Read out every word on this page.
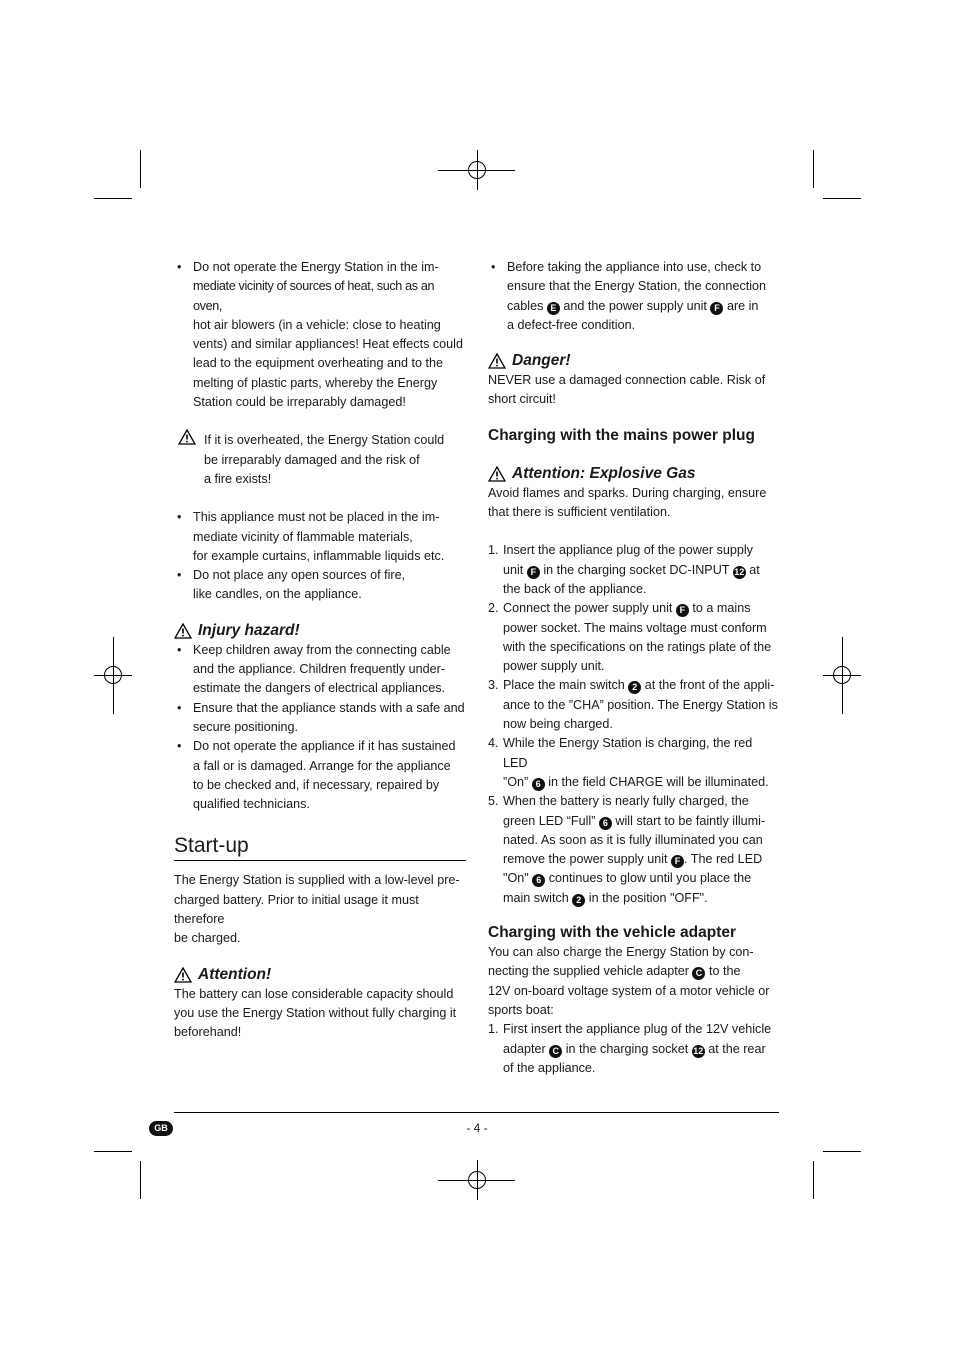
• Do not operate the Energy Station in the im-
mediate vicinity of sources of heat, such as an oven,
hot air blowers (in a vehicle: close to heating
vents) and similar appliances! Heat effects could
lead to the equipment overheating and to the
melting of plastic parts, whereby the Energy
Station could be irreparably damaged!
If it is overheated, the Energy Station could
be irreparably damaged and the risk of
a fire exists!
• This appliance must not be placed in the im-
mediate vicinity of flammable materials,
for example curtains, inflammable liquids etc.
• Do not place any open sources of fire,
like candles, on the appliance.
Injury hazard!
• Keep children away from the connecting cable
and the appliance. Children frequently under-
estimate the dangers of electrical appliances.
• Ensure that the appliance stands with a safe and
secure positioning.
• Do not operate the appliance if it has sustained
a fall or is damaged. Arrange for the appliance
to be checked and, if necessary, repaired by
qualified technicians.
Start-up
The Energy Station is supplied with a low-level pre-
charged battery. Prior to initial usage it must therefore
be charged.
Attention!
The battery can lose considerable capacity should
you use the Energy Station without fully charging it
beforehand!
• Before taking the appliance into use, check to
ensure that the Energy Station, the connection
cables E and the power supply unit F are in
a defect-free condition.
Danger!
NEVER use a damaged connection cable. Risk of
short circuit!
Charging with the mains power plug
Attention: Explosive Gas
Avoid flames and sparks. During charging, ensure
that there is sufficient ventilation.
1. Insert the appliance plug of the power supply
unit F in the charging socket DC-INPUT 12 at
the back of the appliance.
2. Connect the power supply unit F to a mains
power socket. The mains voltage must conform
with the specifications on the ratings plate of the
power supply unit.
3. Place the main switch 2 at the front of the appli-
ance to the ”CHA” position. The Energy Station is
now being charged.
4. While the Energy Station is charging, the red LED
”On” 6 in the field CHARGE will be illuminated.
5. When the battery is nearly fully charged, the
green LED “Full” 6 will start to be faintly illumi-
nated. As soon as it is fully illuminated you can
remove the power supply unit F . The red LED
"On" 6 continues to glow until you place the
main switch 2 in the position "OFF".
Charging with the vehicle adapter
You can also charge the Energy Station by con-
necting the supplied vehicle adapter C to the
12V on-board voltage system of a motor vehicle or
sports boat:
1. First insert the appliance plug of the 12V vehicle
adapter C in the charging socket 12 at the rear
of the appliance.
GB	- 4 -
